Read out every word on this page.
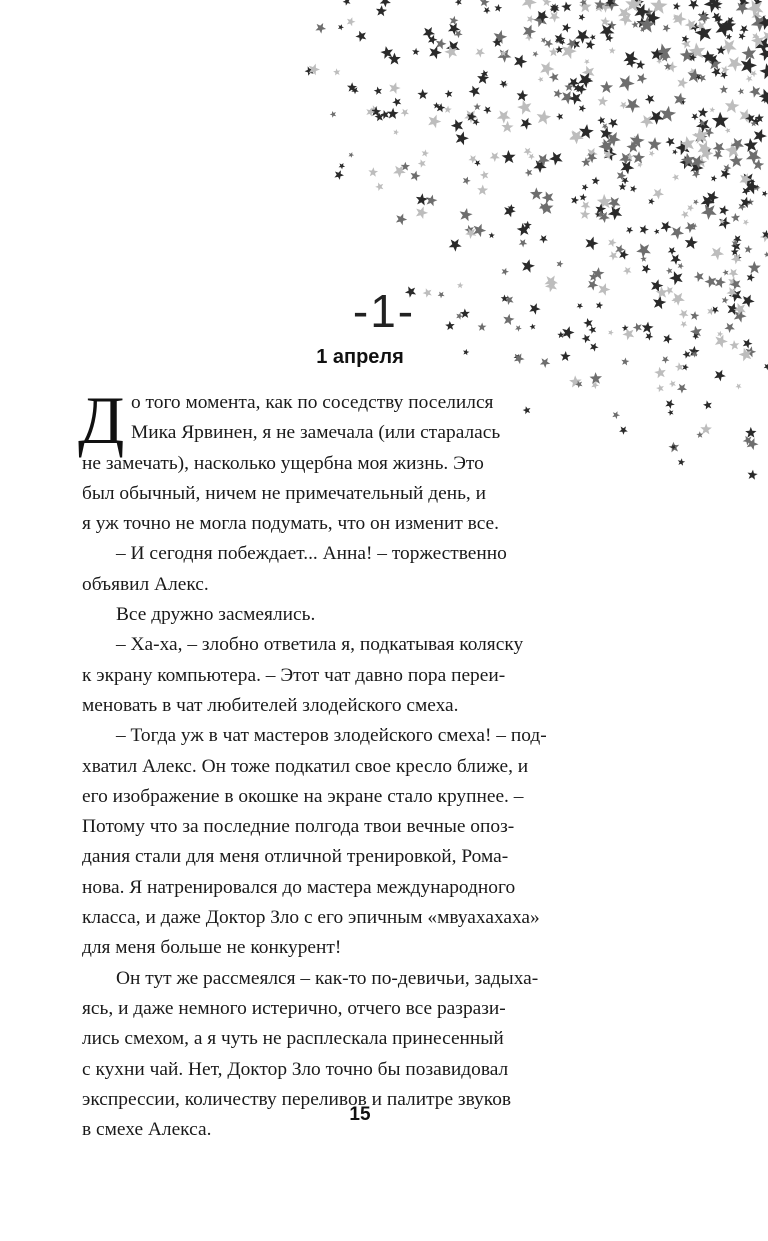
-1-
1 апреля
Д о того момента, как по соседству поселился
Мика Ярвинен, я не замечала (или старалась
не замечать), насколько ущербна моя жизнь. Это
был обычный, ничем не примечательный день, и
я уж точно не могла подумать, что он изменит все.
– И сегодня побеждает... Анна! – торжественно
объявил Алекс.
Все дружно засмеялись.
– Ха-ха, – злобно ответила я, подкатывая коляску
к экрану компьютера. – Этот чат давно пора переи-
меновать в чат любителей злодейского смеха.
– Тогда уж в чат мастеров злодейского смеха! – под-
хватил Алекс. Он тоже подкатил свое кресло ближе, и
его изображение в окошке на экране стало крупнее. –
Потому что за последние полгода твои вечные опоз-
дания стали для меня отличной тренировкой, Рома-
нова. Я натренировался до мастера международного
класса, и даже Доктор Зло с его эпичным «мвуахахаха»
для меня больше не конкурент!
Он тут же рассмеялся – как-то по-девичьи, задыха-
ясь, и даже немного истерично, отчего все разрази-
лись смехом, а я чуть не расплескала принесенный
с кухни чай. Нет, Доктор Зло точно бы позавидовал
экспрессии, количеству переливов и палитре звуков
в смехе Алекса.
15
